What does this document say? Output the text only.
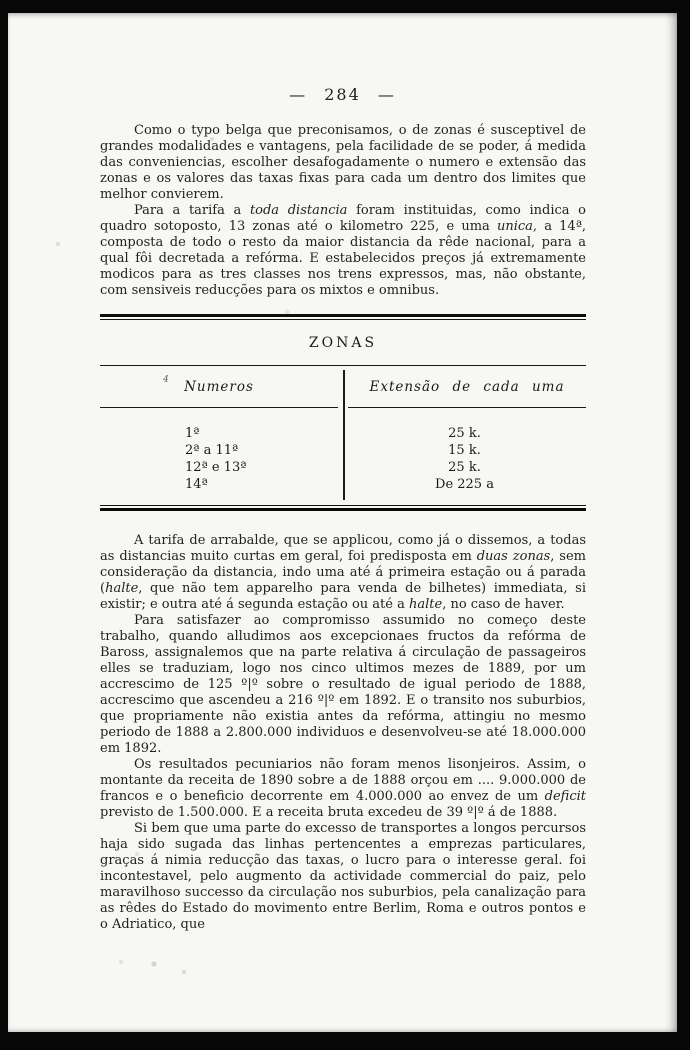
— 284 —

Como o typo belga que preconisamos, o de zonas é susceptivel de grandes modalidades e vantagens, pela facilidade de se poder, á medida das conveniencias, escolher desafogadamente o numero e extensão das zonas e os valores das taxas fixas para cada um dentro dos limites que melhor convierem.

Para a tarifa a toda distancia foram instituidas, como indica o quadro sotoposto, 13 zonas até o kilometro 225, e uma unica, a 14ª, composta de todo o resto da maior distancia da rêde nacional, para a qual fôi decretada a refórma. E estabelecidos preços já extremamente modicos para as tres classes nos trens expressos, mas, não obstante, com sensiveis reducções para os mixtos e omnibus.

ZONAS
4	Numeros	Extensão de cada uma
1ª	25 k.
2ª a 11ª	15 k.
12ª e 13ª	25 k.
14ª	De 225 a

A tarifa de arrabalde, que se applicou, como já o dissemos, a todas as distancias muito curtas em geral, foi predisposta em duas zonas, sem consideração da distancia, indo uma até á primeira estação ou á parada (halte, que não tem apparelho para venda de bilhetes) immediata, si existir; e outra até á segunda estação ou até a halte, no caso de haver.

Para satisfazer ao compromisso assumido no começo deste trabalho, quando alludimos aos excepcionaes fructos da refórma de Baross, assignalemos que na parte relativa á circulação de passageiros elles se traduziam, logo nos cinco ultimos mezes de 1889, por um accrescimo de 125 º|º sobre o resultado de igual periodo de 1888, accrescimo que ascendeu a 216 º|º em 1892. E o transito nos suburbios, que propriamente não existia antes da refórma, attingiu no mesmo periodo de 1888 a 2.800.000 individuos e desenvolveu-se até 18.000.000 em 1892.

Os resultados pecuniarios não foram menos lisonjeiros. Assim, o montante da receita de 1890 sobre a de 1888 orçou em .... 9.000.000 de francos e o beneficio decorrente em 4.000.000 ao envez de um deficit previsto de 1.500.000. E a receita bruta excedeu de 39 º|º á de 1888.

Si bem que uma parte do excesso de transportes a longos percursos haja sido sugada das linhas pertencentes a emprezas particulares, graças á nimia reducção das taxas, o lucro para o interesse geral. foi incontestavel, pelo augmento da actividade commercial do paiz, pelo maravilhoso successo da circulação nos suburbios, pela canalização para as rêdes do Estado do movimento entre Berlim, Roma e outros pontos e o Adriatico, que
